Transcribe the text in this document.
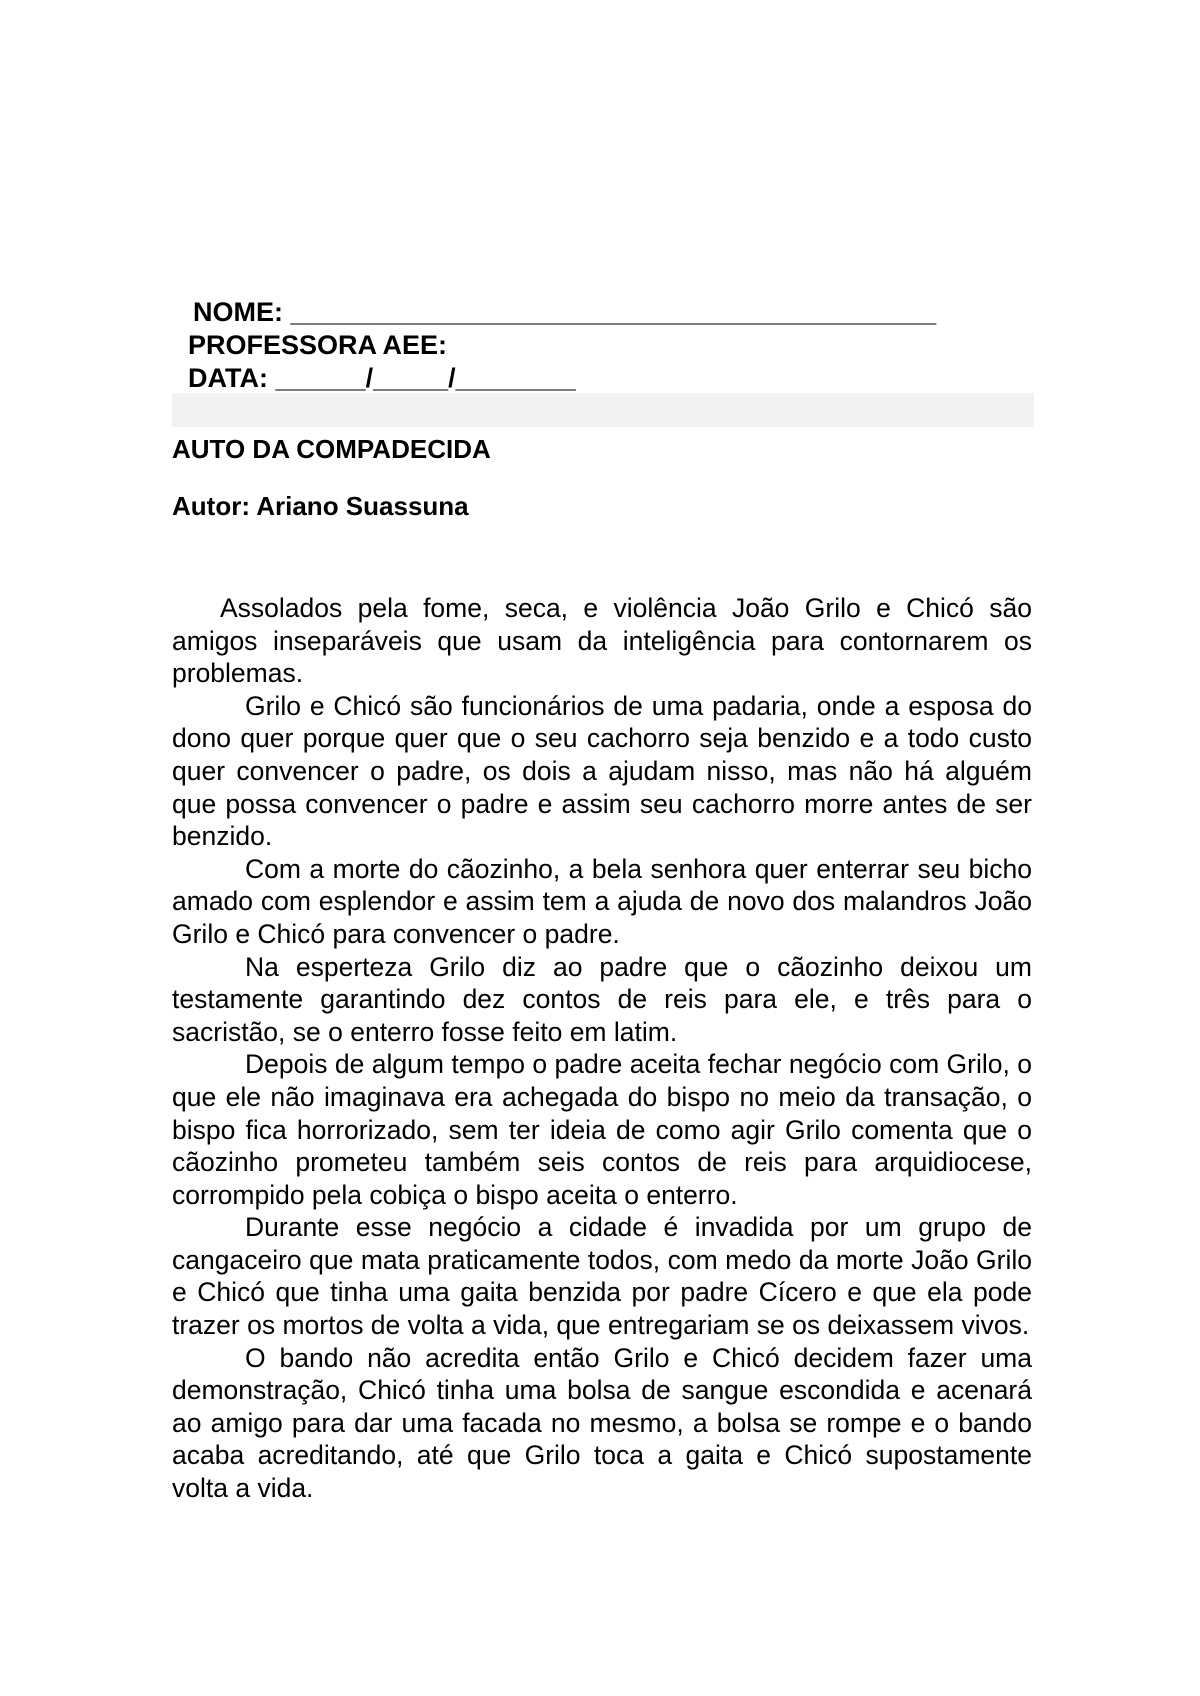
NOME: ___________________________________________
PROFESSORA AEE:
DATA: ______/_____/________
AUTO DA COMPADECIDA
Autor: Ariano Suassuna

Assolados pela fome, seca, e violência João Grilo e Chicó são amigos inseparáveis que usam da inteligência para contornarem os problemas.

Grilo e Chicó são funcionários de uma padaria, onde a esposa do dono quer porque quer que o seu cachorro seja benzido e a todo custo quer convencer o padre, os dois a ajudam nisso, mas não há alguém que possa convencer o padre e assim seu cachorro morre antes de ser benzido.

Com a morte do cãozinho, a bela senhora quer enterrar seu bicho amado com esplendor e assim tem a ajuda de novo dos malandros João Grilo e Chicó para convencer o padre.

Na esperteza Grilo diz ao padre que o cãozinho deixou um testamente garantindo dez contos de reis para ele, e três para o sacristão, se o enterro fosse feito em latim.

Depois de algum tempo o padre aceita fechar negócio com Grilo, o que ele não imaginava era achegada do bispo no meio da transação, o bispo fica horrorizado, sem ter ideia de como agir Grilo comenta que o cãozinho prometeu também seis contos de reis para arquidiocese, corrompido pela cobiça o bispo aceita o enterro.

Durante esse negócio a cidade é invadida por um grupo de cangaceiro que mata praticamente todos, com medo da morte João Grilo e Chicó que tinha uma gaita benzida por padre Cícero e que ela pode trazer os mortos de volta a vida, que entregariam se os deixassem vivos.

O bando não acredita então Grilo e Chicó decidem fazer uma demonstração, Chicó tinha uma bolsa de sangue escondida e acenará ao amigo para dar uma facada no mesmo, a bolsa se rompe e o bando acaba acreditando, até que Grilo toca a gaita e Chicó supostamente volta a vida.
